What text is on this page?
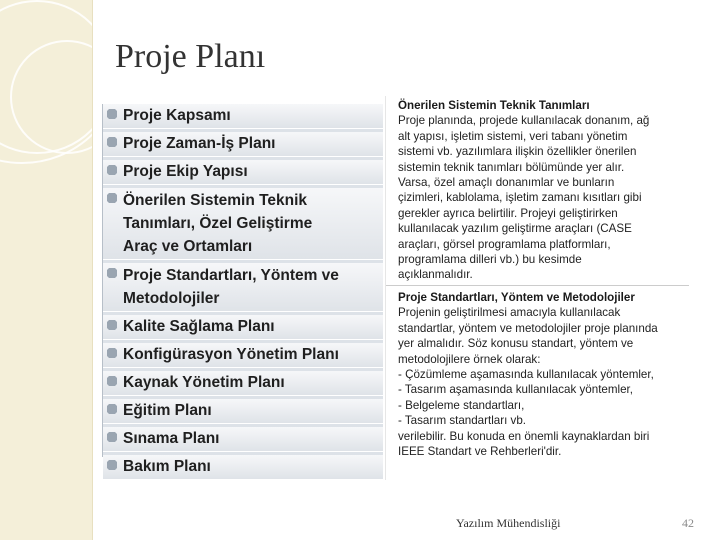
Proje Planı
Proje Kapsamı
Proje Zaman-İş Planı
Proje Ekip Yapısı
Önerilen Sistemin Teknik
Tanımları, Özel Geliştirme
Araç ve Ortamları
Proje Standartları, Yöntem ve
Metodolojiler
Kalite Sağlama Planı
Konfigürasyon Yönetim Planı
Kaynak Yönetim Planı
Eğitim Planı
Sınama Planı
Bakım Planı
Önerilen Sistemin Teknik Tanımları
Proje planında, projede kullanılacak donanım, ağ
alt yapısı, işletim sistemi, veri tabanı yönetim
sistemi vb. yazılımlara ilişkin özellikler önerilen
sistemin teknik tanımları bölümünde yer alır.
Varsa, özel amaçlı donanımlar ve bunların
çizimleri, kablolama, işletim zamanı kısıtları gibi
gerekler ayrıca belirtilir. Projeyi geliştirirken
kullanılacak yazılım geliştirme araçları (CASE
araçları, görsel programlama platformları,
programlama dilleri vb.) bu kesimde
açıklanmalıdır.
Proje Standartları, Yöntem ve Metodolojiler
Projenin geliştirilmesi amacıyla kullanılacak
standartlar, yöntem ve metodolojiler proje planında
yer almalıdır. Söz konusu standart, yöntem ve
metodolojilere örnek olarak:
- Çözümleme aşamasında kullanılacak yöntemler,
- Tasarım aşamasında kullanılacak yöntemler,
- Belgeleme standartları,
- Tasarım standartları vb.
verilebilir. Bu konuda en önemli kaynaklardan biri
IEEE Standart ve Rehberleri'dir.
Yazılım Mühendisliği	42
